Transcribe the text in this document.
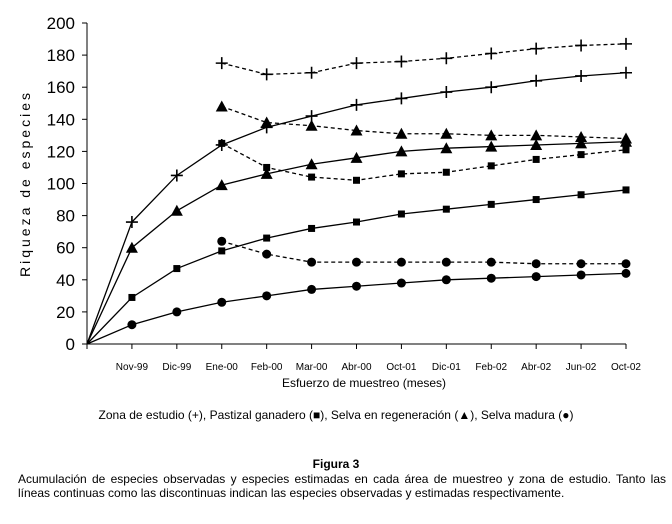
0
20
40
60
80
100
120
140
160
180
200
Nov-99 Dic-99 Ene-00 Feb-00 Mar-00 Abr-00 Oct-01 Dic-01 Feb-02 Abr-02 Jun-02 Oct-02
Esfuerzo de muestreo (meses)
Riqueza de especies
Zona de estudio (+), Pastizal ganadero (■), Selva en regeneración (▲), Selva madura (●)
Figura 3
Acumulación de especies observadas y especies estimadas en cada área de muestreo y zona de estudio. Tanto las líneas continuas como las discontinuas indican las especies observadas y estimadas respectivamente.
